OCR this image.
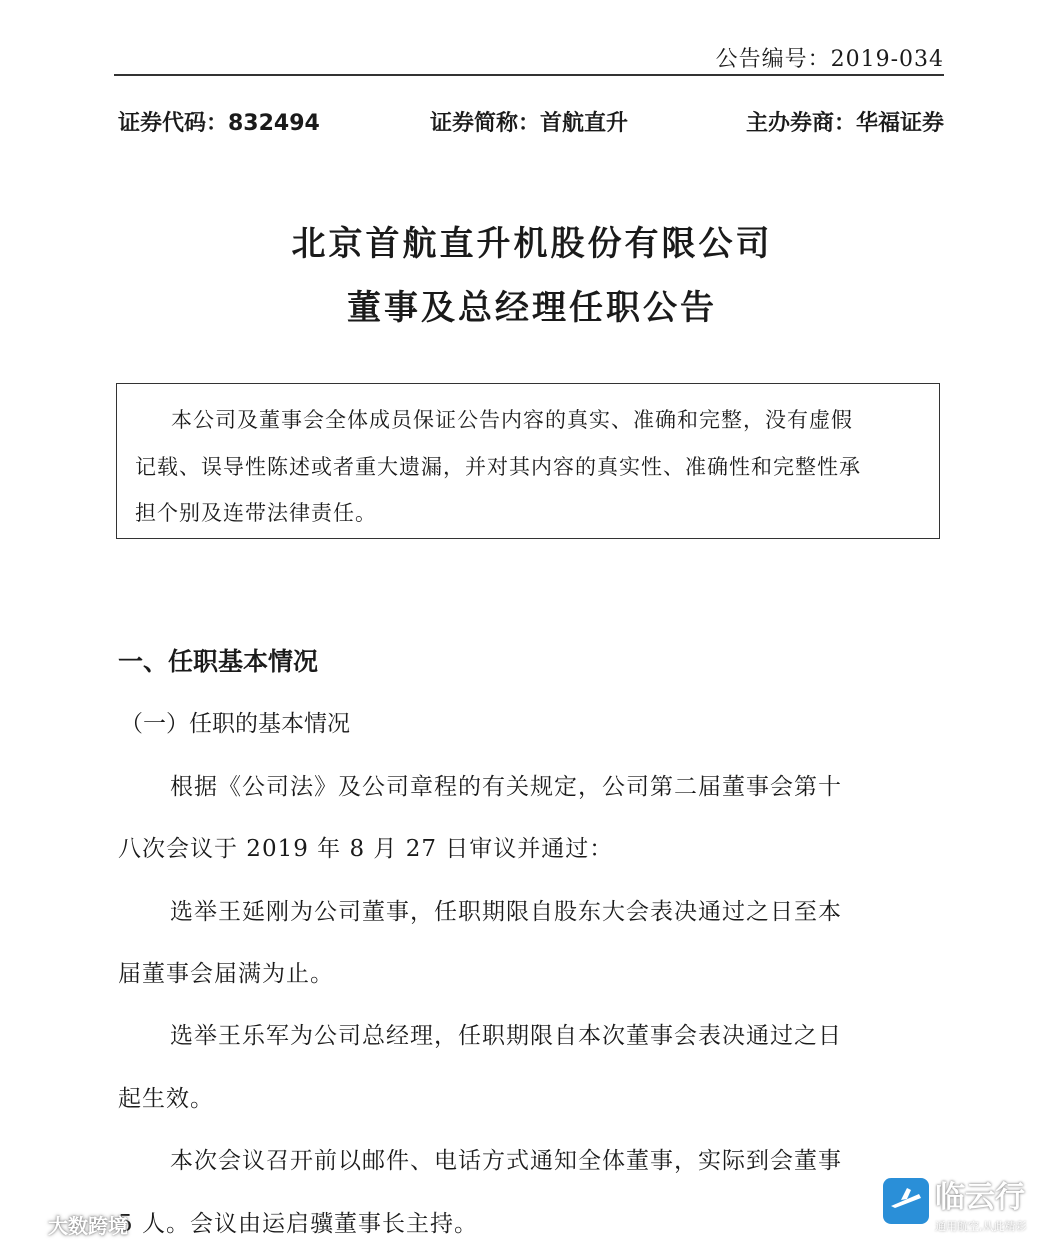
公告编号：2019-034
证券代码：832494	证券简称：首航直升	主办券商：华福证券
北京首航直升机股份有限公司
董事及总经理任职公告
本公司及董事会全体成员保证公告内容的真实、准确和完整，没有虚假
记载、误导性陈述或者重大遗漏，并对其内容的真实性、准确性和完整性承
担个别及连带法律责任。
一、任职基本情况
（一）任职的基本情况
根据《公司法》及公司章程的有关规定，公司第二届董事会第十
八次会议于 2019 年 8 月 27 日审议并通过：
选举王延刚为公司董事，任职期限自股东大会表决通过之日至本
届董事会届满为止。
选举王乐军为公司总经理，任职期限自本次董事会表决通过之日
起生效。
本次会议召开前以邮件、电话方式通知全体董事，实际到会董事
5 人。会议由运启骥董事长主持。
大数跨境
临云行
通用航空,从此精彩
